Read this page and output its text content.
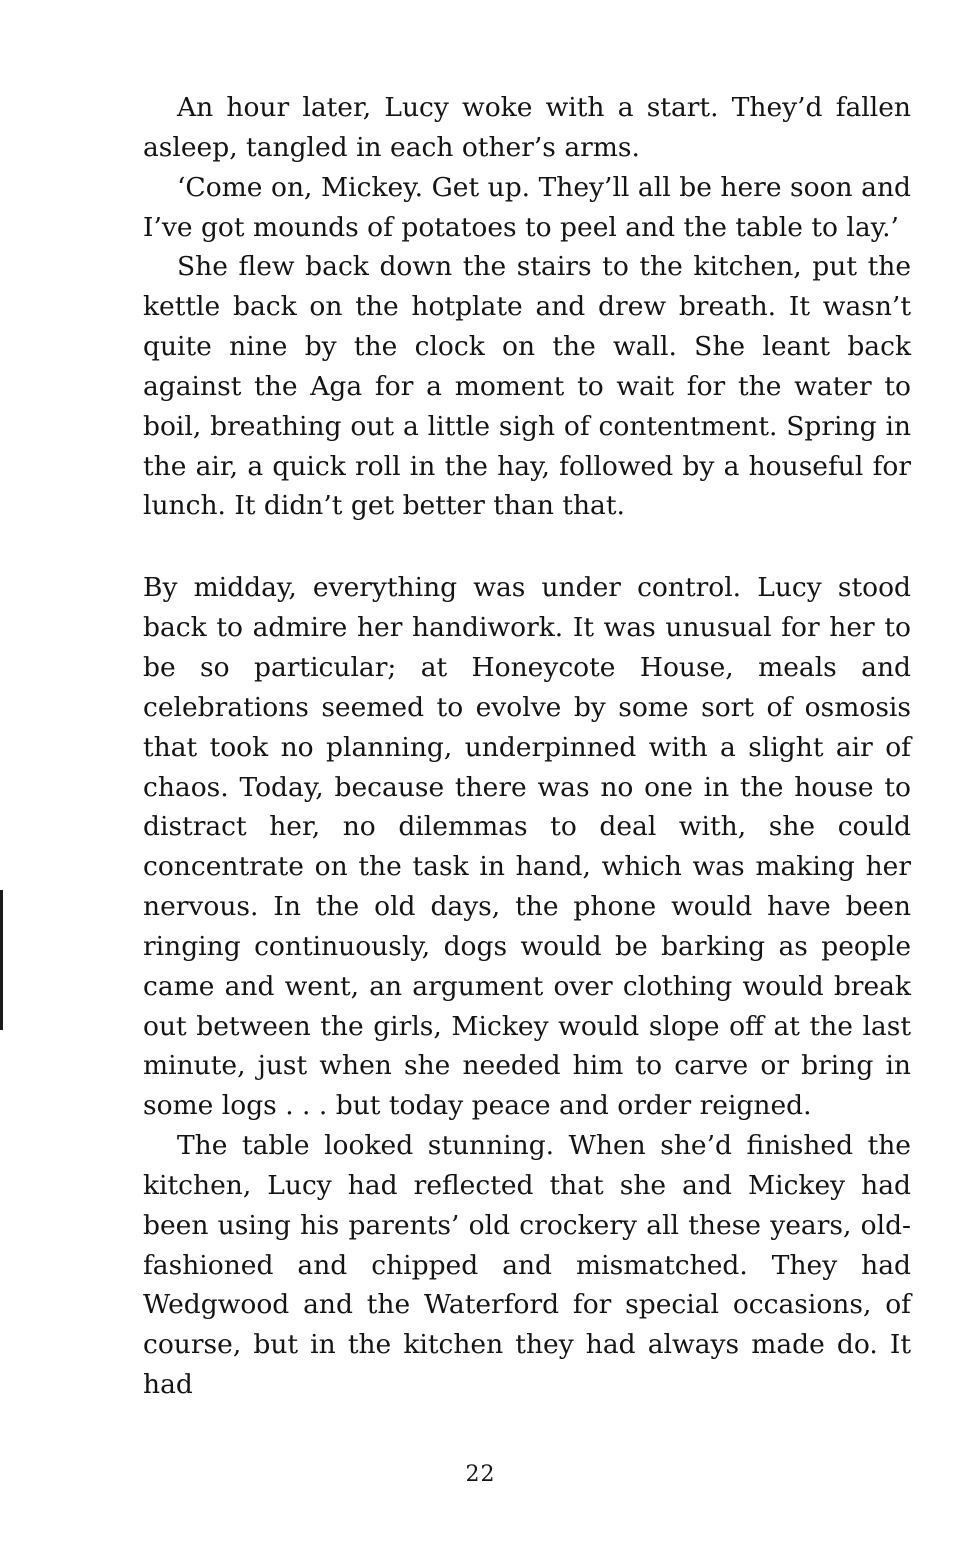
An hour later, Lucy woke with a start. They’d fallen asleep, tangled in each other’s arms.

‘Come on, Mickey. Get up. They’ll all be here soon and I’ve got mounds of potatoes to peel and the table to lay.’

She flew back down the stairs to the kitchen, put the kettle back on the hotplate and drew breath. It wasn’t quite nine by the clock on the wall. She leant back against the Aga for a moment to wait for the water to boil, breathing out a little sigh of contentment. Spring in the air, a quick roll in the hay, followed by a houseful for lunch. It didn’t get better than that.

By midday, everything was under control. Lucy stood back to admire her handiwork. It was unusual for her to be so particular; at Honeycote House, meals and celebrations seemed to evolve by some sort of osmosis that took no planning, underpinned with a slight air of chaos. Today, because there was no one in the house to distract her, no dilemmas to deal with, she could concentrate on the task in hand, which was making her nervous. In the old days, the phone would have been ringing continuously, dogs would be barking as people came and went, an argument over clothing would break out between the girls, Mickey would slope off at the last minute, just when she needed him to carve or bring in some logs . . . but today peace and order reigned.

The table looked stunning. When she’d finished the kitchen, Lucy had reflected that she and Mickey had been using his parents’ old crockery all these years, old-fashioned and chipped and mismatched. They had Wedgwood and the Waterford for special occasions, of course, but in the kitchen they had always made do. It had

22
